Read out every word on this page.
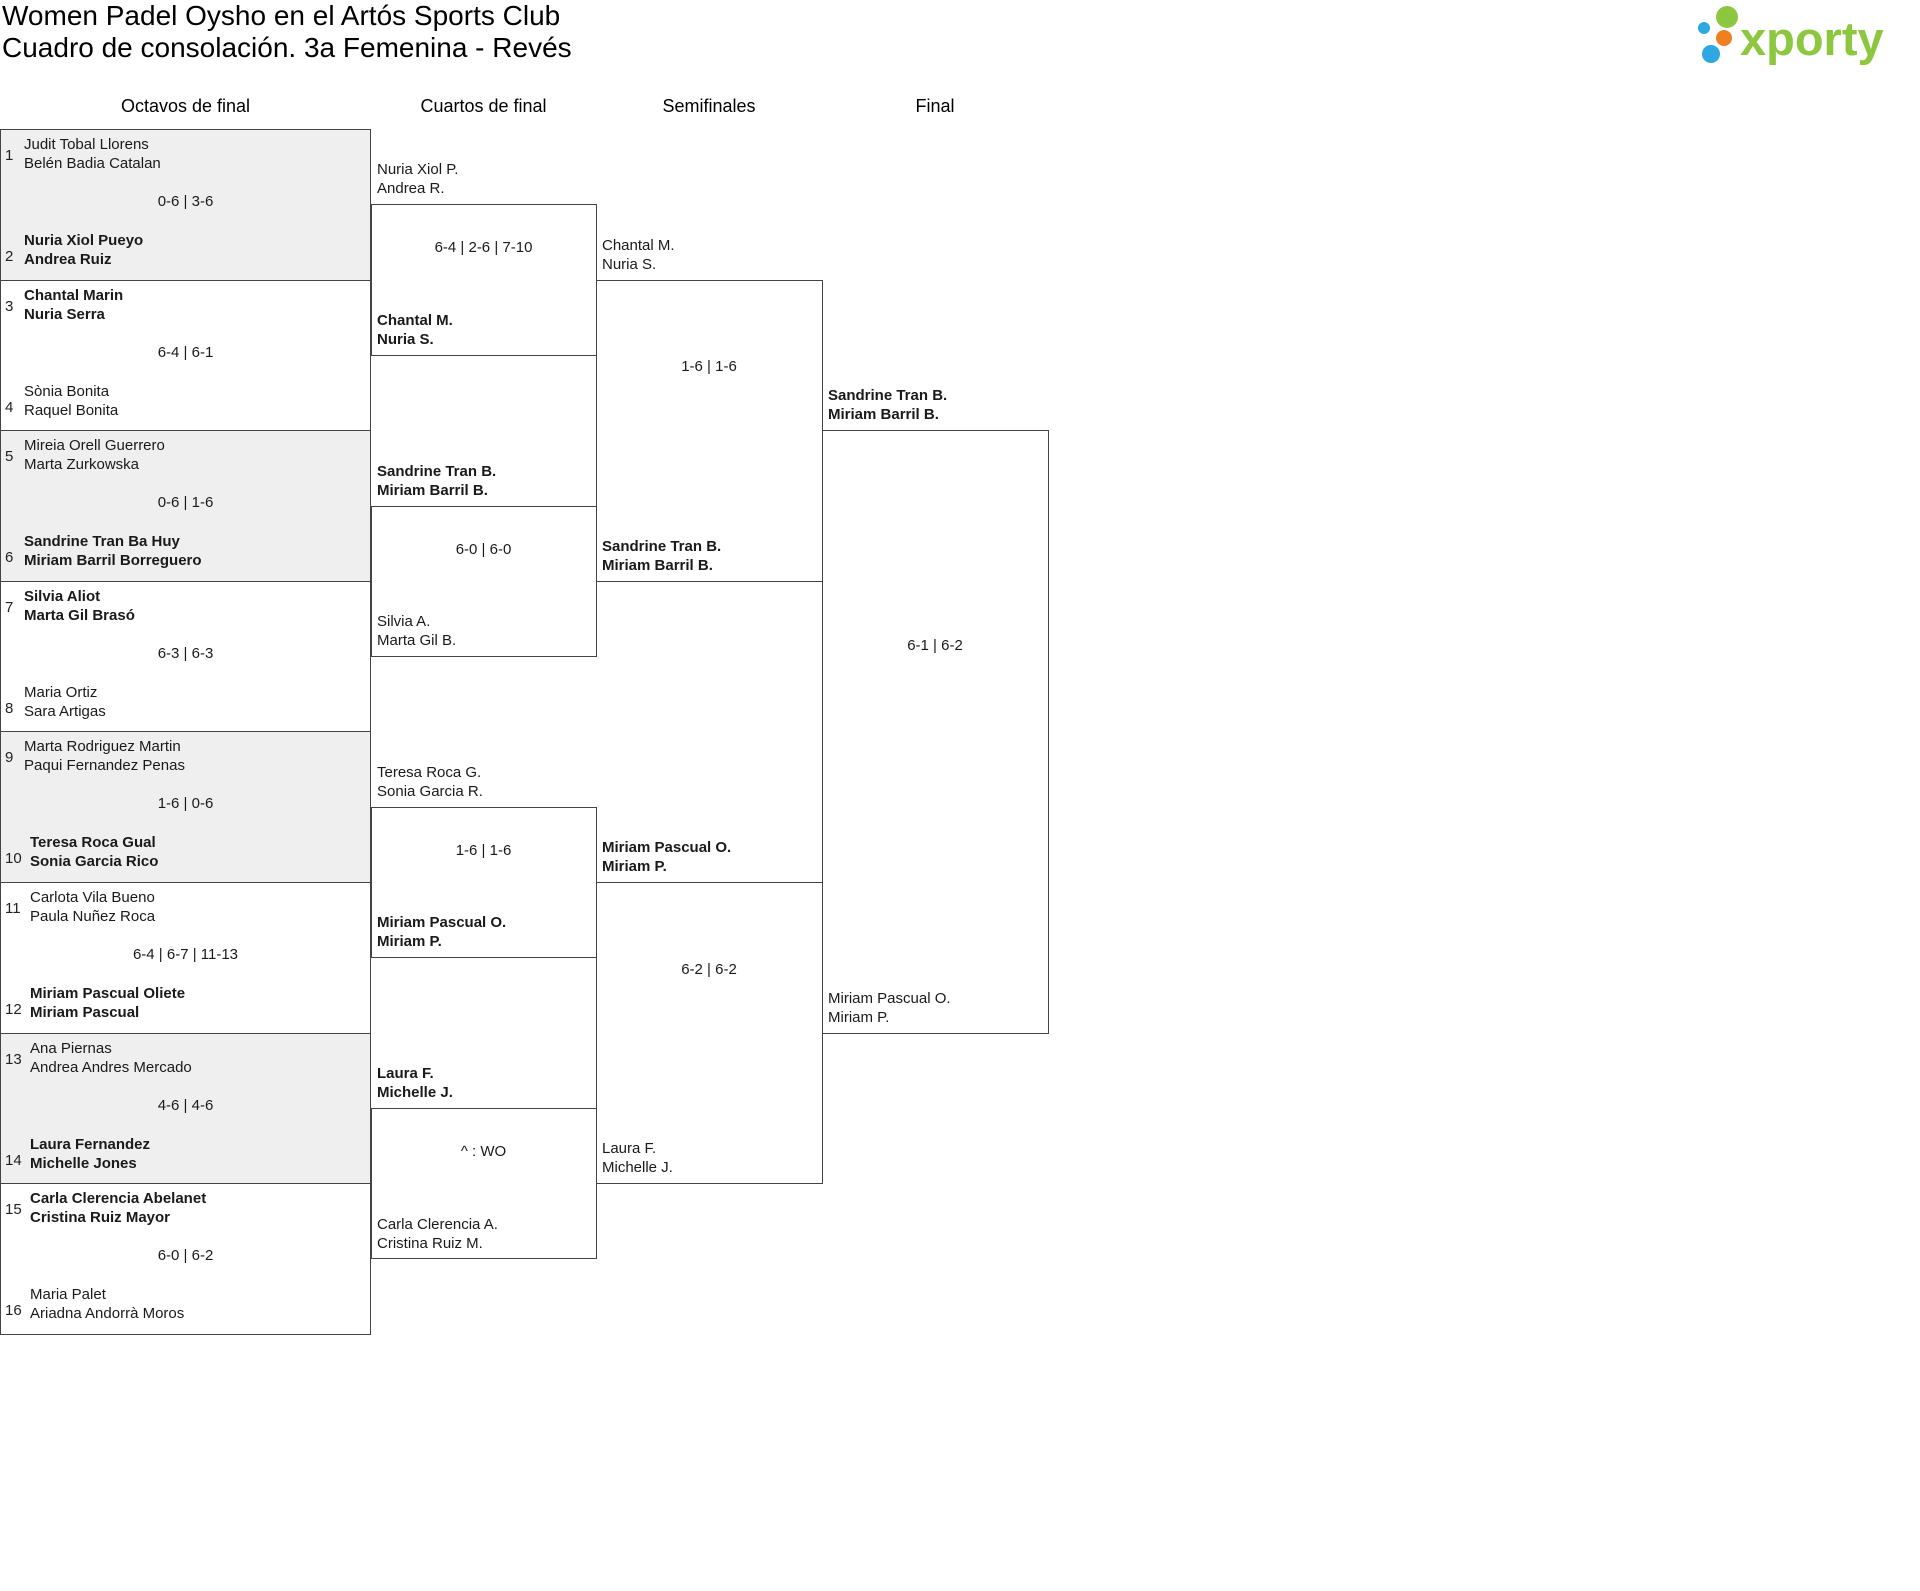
Women Padel Oysho en el Artós Sports Club
Cuadro de consolación. 3a Femenina - Revés	xporty
Octavos de final	Cuartos de final	Semifinales	Final
1
Judit Tobal Llorens
Belén Badia Catalan
0-6 | 3-6
2
Nuria Xiol Pueyo
Andrea Ruiz
3
Chantal Marin
Nuria Serra
6-4 | 6-1
4
Sònia Bonita
Raquel Bonita
5
Mireia Orell Guerrero
Marta Zurkowska
0-6 | 1-6
6
Sandrine Tran Ba Huy
Miriam Barril Borreguero
7
Silvia Aliot
Marta Gil Brasó
6-3 | 6-3
8
Maria Ortiz
Sara Artigas
9
Marta Rodriguez Martin
Paqui Fernandez Penas
1-6 | 0-6
10
Teresa Roca Gual
Sonia Garcia Rico
11
Carlota Vila Bueno
Paula Nuñez Roca
6-4 | 6-7 | 11-13
12
Miriam Pascual Oliete
Miriam Pascual
13
Ana Piernas
Andrea Andres Mercado
4-6 | 4-6
14
Laura Fernandez
Michelle Jones
15
Carla Clerencia Abelanet
Cristina Ruiz Mayor
6-0 | 6-2
16
Maria Palet
Ariadna Andorrà Moros
Nuria Xiol P.
Andrea R.
6-4 | 2-6 | 7-10
Chantal M.
Nuria S.
Sandrine Tran B.
Miriam Barril B.
6-0 | 6-0
Silvia A.
Marta Gil B.
Teresa Roca G.
Sonia Garcia R.
1-6 | 1-6
Miriam Pascual O.
Miriam P.
Laura F.
Michelle J.
^ : WO
Carla Clerencia A.
Cristina Ruiz M.
Chantal M.
Nuria S.
1-6 | 1-6
Sandrine Tran B.
Miriam Barril B.
Miriam Pascual O.
Miriam P.
6-2 | 6-2
Laura F.
Michelle J.
Sandrine Tran B.
Miriam Barril B.
6-1 | 6-2
Miriam Pascual O.
Miriam P.
